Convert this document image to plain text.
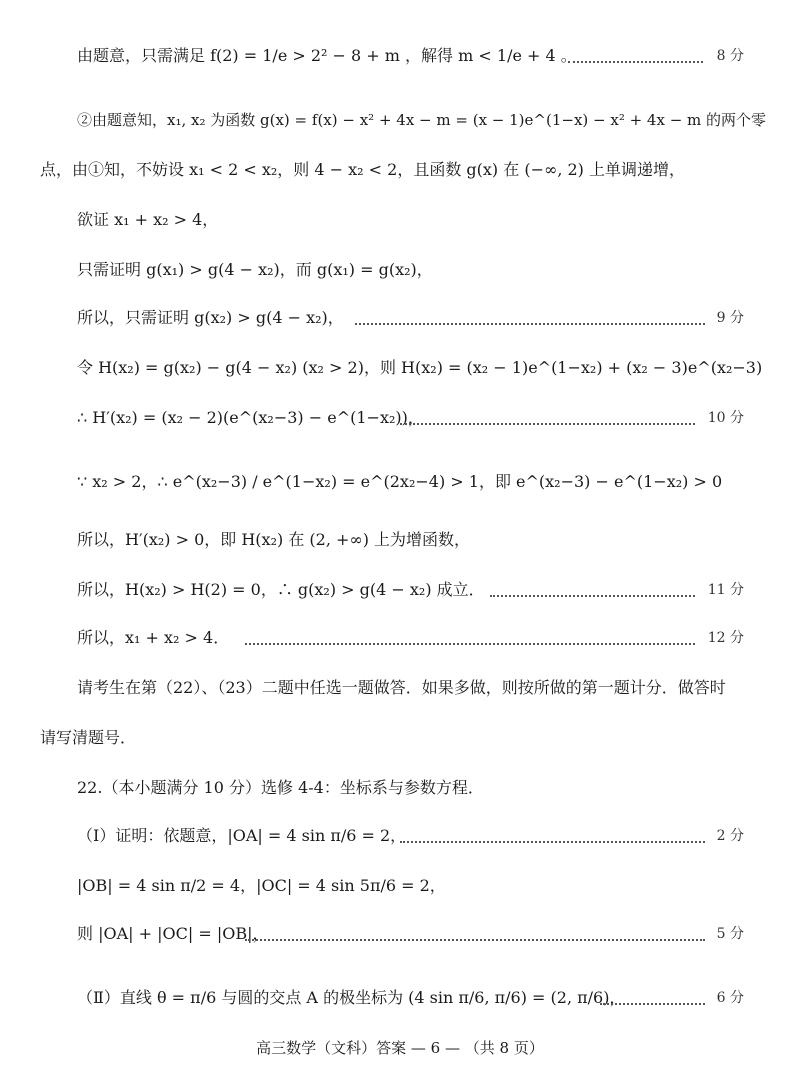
由题意，只需满足 f(2) = 1/e > 2² − 8 + m ，解得 m < 1/e + 4 。	8 分
②由题意知，x₁, x₂ 为函数 g(x) = f(x) − x² + 4x − m = (x − 1)e^(1−x) − x² + 4x − m 的两个零
点，由①知，不妨设 x₁ < 2 < x₂，则 4 − x₂ < 2，且函数 g(x) 在 (−∞, 2) 上单调递增，
欲证 x₁ + x₂ > 4，
只需证明 g(x₁) > g(4 − x₂)，而 g(x₁) = g(x₂)，
所以，只需证明 g(x₂) > g(4 − x₂)，	9 分
令 H(x₂) = g(x₂) − g(4 − x₂) (x₂ > 2)，则 H(x₂) = (x₂ − 1)e^(1−x₂) + (x₂ − 3)e^(x₂−3)
∴ H′(x₂) = (x₂ − 2)(e^(x₂−3) − e^(1−x₂))，	10 分
∵ x₂ > 2，∴ e^(x₂−3) / e^(1−x₂) = e^(2x₂−4) > 1，即 e^(x₂−3) − e^(1−x₂) > 0
所以，H′(x₂) > 0，即 H(x₂) 在 (2, +∞) 上为增函数，
所以，H(x₂) > H(2) = 0，∴ g(x₂) > g(4 − x₂) 成立．	11 分
所以，x₁ + x₂ > 4．	12 分
请考生在第（22）、（23）二题中任选一题做答．如果多做，则按所做的第一题计分．做答时
请写清题号．
22.（本小题满分 10 分）选修 4-4：坐标系与参数方程．
（Ⅰ）证明：依题意，|OA| = 4 sin π/6 = 2，	2 分
|OB| = 4 sin π/2 = 4，|OC| = 4 sin 5π/6 = 2，
则 |OA| + |OC| = |OB|，	5 分
（Ⅱ）直线 θ = π/6 与圆的交点 A 的极坐标为 (4 sin π/6, π/6) = (2, π/6)，	6 分
高三数学（文科）答案 — 6 — （共 8 页）
